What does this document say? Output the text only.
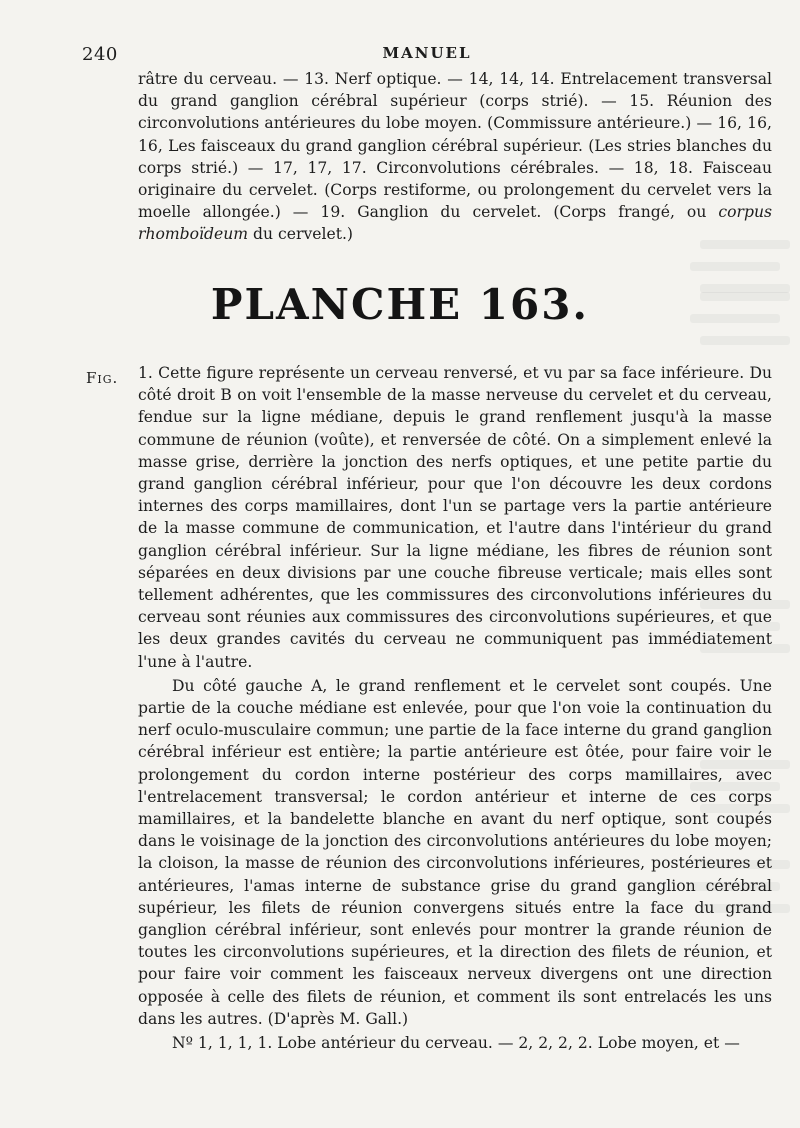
240	MANUEL

râtre du cerveau. — 13. Nerf optique. — 14, 14, 14. Entrelacement transversal du grand ganglion cérébral supérieur (corps strié). — 15. Réunion des circonvolutions antérieures du lobe moyen. (Commissure antérieure.) — 16, 16, 16, Les faisceaux du grand ganglion cérébral supérieur. (Les stries blanches du corps strié.) — 17, 17, 17. Circonvolutions cérébrales. — 18, 18. Faisceau originaire du cervelet. (Corps restiforme, ou prolongement du cervelet vers la moelle allongée.) — 19. Ganglion du cervelet. (Corps frangé, ou corpus rhomboïdeum du cervelet.)

PLANCHE 163.
Fig. 1. Cette figure représente un cerveau renversé, et vu par sa face inférieure. Du côté droit B on voit l'ensemble de la masse nerveuse du cervelet et du cerveau, fendue sur la ligne médiane, depuis le grand renflement jusqu'à la masse commune de réunion (voûte), et renversée de côté. On a simplement enlevé la masse grise, derrière la jonction des nerfs optiques, et une petite partie du grand ganglion cérébral inférieur, pour que l'on découvre les deux cordons internes des corps mamillaires, dont l'un se partage vers la partie antérieure de la masse commune de communication, et l'autre dans l'intérieur du grand ganglion cérébral inférieur. Sur la ligne médiane, les fibres de réunion sont séparées en deux divisions par une couche fibreuse verticale; mais elles sont tellement adhérentes, que les commissures des circonvolutions inférieures du cerveau sont réunies aux commissures des circonvolutions supérieures, et que les deux grandes cavités du cerveau ne communiquent pas immédiatement l'une à l'autre.

Du côté gauche A, le grand renflement et le cervelet sont coupés. Une partie de la couche médiane est enlevée, pour que l'on voie la continuation du nerf oculo-musculaire commun; une partie de la face interne du grand ganglion cérébral inférieur est entière; la partie antérieure est ôtée, pour faire voir le prolongement du cordon interne postérieur des corps mamillaires, avec l'entrelacement transversal; le cordon antérieur et interne de ces corps mamillaires, et la bandelette blanche en avant du nerf optique, sont coupés dans le voisinage de la jonction des circonvolutions antérieures du lobe moyen; la cloison, la masse de réunion des circonvolutions inférieures, postérieures et antérieures, l'amas interne de substance grise du grand ganglion cérébral supérieur, les filets de réunion convergens situés entre la face du grand ganglion cérébral inférieur, sont enlevés pour montrer la grande réunion de toutes les circonvolutions supérieures, et la direction des filets de réunion, et pour faire voir comment les faisceaux nerveux divergens ont une direction opposée à celle des filets de réunion, et comment ils sont entrelacés les uns dans les autres. (D'après M. Gall.)

Nº 1, 1, 1, 1. Lobe antérieur du cerveau. — 2, 2, 2, 2. Lobe moyen, et —
